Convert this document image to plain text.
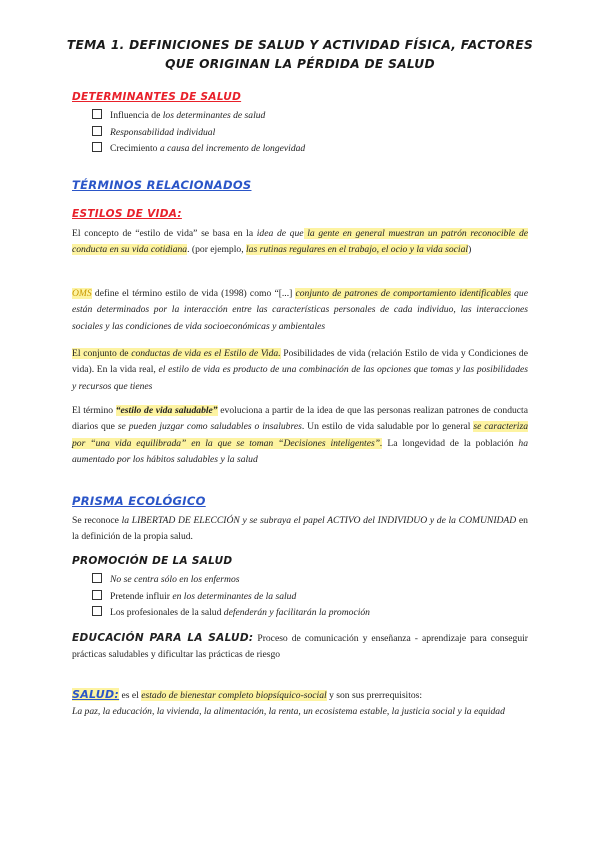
TEMA 1. DEFINICIONES DE SALUD Y ACTIVIDAD FÍSICA, FACTORES
QUE ORIGINAN LA PÉRDIDA DE SALUD
DETERMINANTES DE SALUD
Influencia de los determinantes de salud
Responsabilidad individual
Crecimiento a causa del incremento de longevidad
TÉRMINOS RELACIONADOS
ESTILOS DE VIDA:
El concepto de “estilo de vida” se basa en la idea de que la gente en general muestran un patrón reconocible de conducta en su vida cotidiana. (por ejemplo, las rutinas regulares en el trabajo, el ocio y la vida social)
OMS define el término estilo de vida (1998) como “[...] conjunto de patrones de comportamiento identificables que están determinados por la interacción entre las características personales de cada individuo, las interacciones sociales y las condiciones de vida socioeconómicas y ambientales
El conjunto de conductas de vida es el Estilo de Vida. Posibilidades de vida (relación Estilo de vida y Condiciones de vida). En la vida real, el estilo de vida es producto de una combinación de las opciones que tomas y las posibilidades y recursos que tienes
El término “estilo de vida saludable” evoluciona a partir de la idea de que las personas realizan patrones de conducta diarios que se pueden juzgar como saludables o insalubres. Un estilo de vida saludable por lo general se caracteriza por “una vida equilibrada” en la que se toman “Decisiones inteligentes”. La longevidad de la población ha aumentado por los hábitos saludables y la salud
PRISMA ECOLÓGICO
Se reconoce la LIBERTAD DE ELECCIÓN y se subraya el papel ACTIVO del INDIVIDUO y de la COMUNIDAD en la definición de la propia salud.
PROMOCIÓN DE LA SALUD
No se centra sólo en los enfermos
Pretende influir en los determinantes de la salud
Los profesionales de la salud defenderán y facilitarán la promoción
EDUCACIÓN PARA LA SALUD: Proceso de comunicación y enseñanza - aprendizaje para conseguir prácticas saludables y dificultar las prácticas de riesgo
SALUD: es el estado de bienestar completo biopsíquico-social y son sus prerrequisitos:
La paz, la educación, la vivienda, la alimentación, la renta, un ecosistema estable, la justicia social y la equidad
